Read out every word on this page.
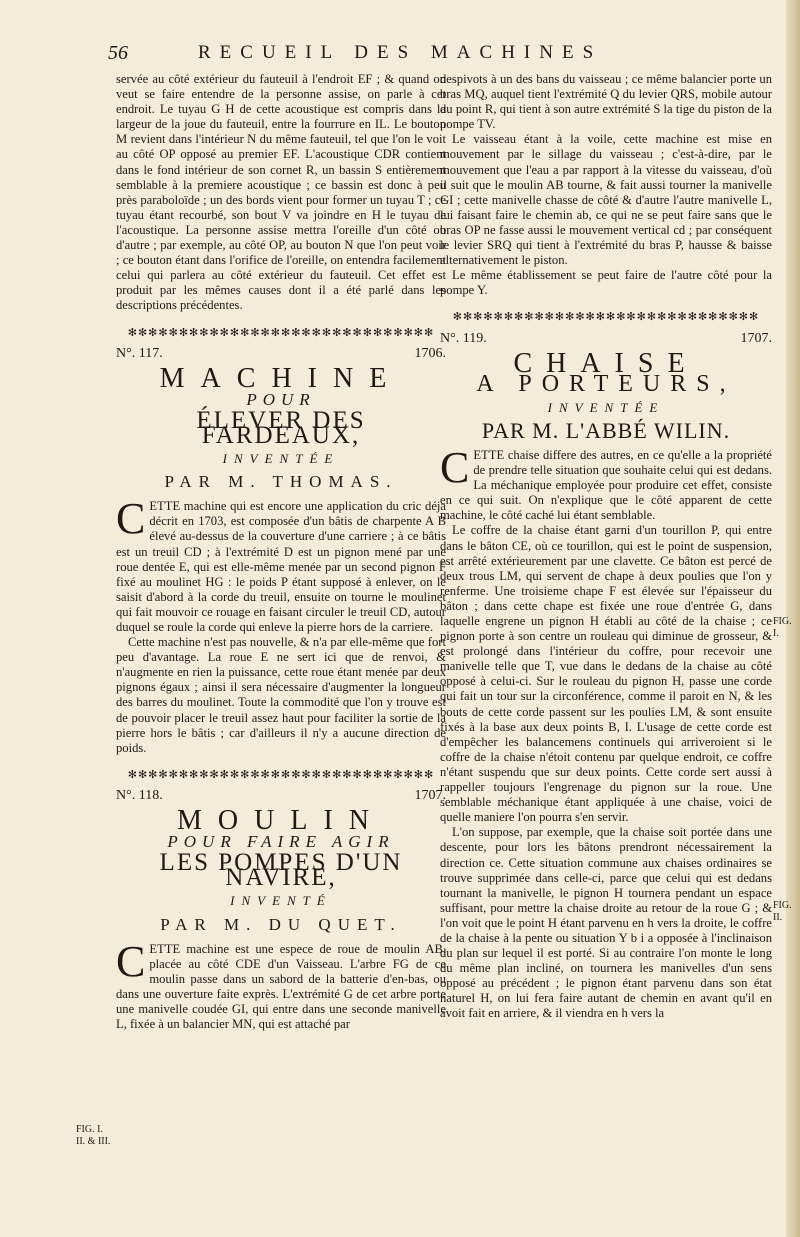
56	RECUEIL DES MACHINES
FIG. I. II. & III.

servée au côté extérieur du fauteuil à l'endroit EF ; & quand on veut se faire entendre de la personne assise, on parle à cet endroit. Le tuyau G H de cette acoustique est compris dans la largeur de la joue du fauteuil, entre la fourrure en IL. Le bouton M revient dans l'intérieur N du même fauteuil, tel que l'on le voit au côté OP opposé au premier EF. L'acoustique CDR contient dans le fond intérieur de son cornet R, un bassin S entièrement semblable à la premiere acoustique ; ce bassin est donc à peu près paraboloïde ; un des bords vient pour former un tuyau T ; ce tuyau étant recourbé, son bout V va joindre en H le tuyau de l'acoustique. La personne assise mettra l'oreille d'un côté ou d'autre ; par exemple, au côté OP, au bouton N que l'on peut voir ; ce bouton étant dans l'orifice de l'oreille, on entendra facilement celui qui parlera au côté extérieur du fauteuil. Cet effet est produit par les mêmes causes dont il a été parlé dans les descriptions précédentes.

✻✻✻✻✻✻✻✻✻✻✻✻✻✻✻✻✻✻✻✻✻✻✻✻✻✻✻✻✻✻
N°. 117.	1706.
MACHINE
POUR
ÉLEVER DES FARDEAUX,
INVENTÉE
PAR M. THOMAS.

CETTE machine qui est encore une application du cric déja décrit en 1703, est composée d'un bâtis de charpente A B élevé au-dessus de la couverture d'une carriere ; à ce bâtis est un treuil CD ; à l'extrémité D est un pignon mené par une roue dentée E, qui est elle-même menée par un second pignon F fixé au moulinet HG : le poids P étant supposé à enlever, on le saisit d'abord à la corde du treuil, ensuite on tourne le moulinet qui fait mouvoir ce rouage en faisant circuler le treuil CD, autour duquel se roule la corde qui enleve la pierre hors de la carriere.

Cette machine n'est pas nouvelle, & n'a par elle-même que fort peu d'avantage. La roue E ne sert ici que de renvoi, & n'augmente en rien la puissance, cette roue étant menée par deux pignons égaux ; ainsi il sera nécessaire d'augmenter la longueur des barres du moulinet. Toute la commodité que l'on y trouve est de pouvoir placer le treuil assez haut pour faciliter la sortie de la pierre hors le bâtis ; car d'ailleurs il n'y a aucune direction de poids.

✻✻✻✻✻✻✻✻✻✻✻✻✻✻✻✻✻✻✻✻✻✻✻✻✻✻✻✻✻✻
N°. 118.	1707.
MOULIN
POUR FAIRE AGIR
LES POMPES D'UN NAVIRE,
INVENTÉ
PAR M. DU QUET.

CETTE machine est une espece de roue de moulin AB, placée au côté CDE d'un Vaisseau. L'arbre FG de ce moulin passe dans un sabord de la batterie d'en-bas, ou dans une ouverture faite exprès. L'extrémité G de cet arbre porte une manivelle coudée GI, qui entre dans une seconde manivelle L, fixée à un balancier MN, qui est attaché par

despivots à un des bans du vaisseau ; ce même balancier porte un bras MQ, auquel tient l'extrémité Q du levier QRS, mobile autour du point R, qui tient à son autre extrémité S la tige du piston de la pompe TV.

Le vaisseau étant à la voile, cette machine est mise en mouvement par le sillage du vaisseau ; c'est-à-dire, par le mouvement que l'eau a par rapport à la vitesse du vaisseau, d'où il suit que le moulin AB tourne, & fait aussi tourner la manivelle GI ; cette manivelle chasse de côté & d'autre l'autre manivelle L, lui faisant faire le chemin ab, ce qui ne se peut faire sans que le bras OP ne fasse aussi le mouvement vertical cd ; par conséquent le levier SRQ qui tient à l'extrémité du bras P, hausse & baisse alternativement le piston.

Le même établissement se peut faire de l'autre côté pour la pompe Y.

✻✻✻✻✻✻✻✻✻✻✻✻✻✻✻✻✻✻✻✻✻✻✻✻✻✻✻✻✻✻
N°. 119.	1707.
CHAISE
A PORTEURS,
INVENTÉE
PAR M. L'ABBÉ WILIN.

CETTE chaise differe des autres, en ce qu'elle a la propriété de prendre telle situation que souhaite celui qui est dedans. La méchanique employée pour produire cet effet, consiste en ce qui suit. On n'explique que le côté apparent de cette machine, le côté caché lui étant semblable.

Le coffre de la chaise étant garni d'un tourillon P, qui entre dans le bâton CE, où ce tourillon, qui est le point de suspension, est arrêté extérieurement par une clavette. Ce bâton est percé de deux trous LM, qui servent de chape à deux poulies que l'on y renferme. Une troisieme chape F est élevée sur l'épaisseur du bâton ; dans cette chape est fixée une roue d'entrée G, dans laquelle engrene un pignon H établi au côté de la chaise ; ce pignon porte à son centre un rouleau qui diminue de grosseur, & est prolongé dans l'intérieur du coffre, pour recevoir une manivelle telle que T, vue dans le dedans de la chaise au côté opposé à celui-ci. Sur le rouleau du pignon H, passe une corde qui fait un tour sur la circonférence, comme il paroit en N, & les bouts de cette corde passent sur les poulies LM, & sont ensuite fixés à la base aux deux points B, I. L'usage de cette corde est d'empêcher les balancemens continuels qui arriveroient si le coffre de la chaise n'étoit contenu par quelque endroit, ce coffre n'étant suspendu que sur deux points. Cette corde sert aussi à rappeller toujours l'engrenage du pignon sur la roue. Une semblable méchanique étant appliquée à une chaise, voici de quelle maniere l'on pourra s'en servir.

L'on suppose, par exemple, que la chaise soit portée dans une descente, pour lors les bâtons prendront nécessairement la direction ce. Cette situation commune aux chaises ordinaires se trouve supprimée dans celle-ci, parce que celui qui est dedans tournant la manivelle, le pignon H tournera pendant un espace suffisant, pour mettre la chaise droite au retour de la roue G ; & l'on voit que le point H étant parvenu en h vers la droite, le coffre de la chaise à la pente ou situation Y b i a opposée à l'inclinaison du plan sur lequel il est porté. Si au contraire l'on monte le long du même plan incliné, on tournera les manivelles d'un sens opposé au précédent ; le pignon étant parvenu dans son état naturel H, on lui fera faire autant de chemin en avant qu'il en avoit fait en arriere, & il viendra en h vers la

FIG. I.
FIG. II.
